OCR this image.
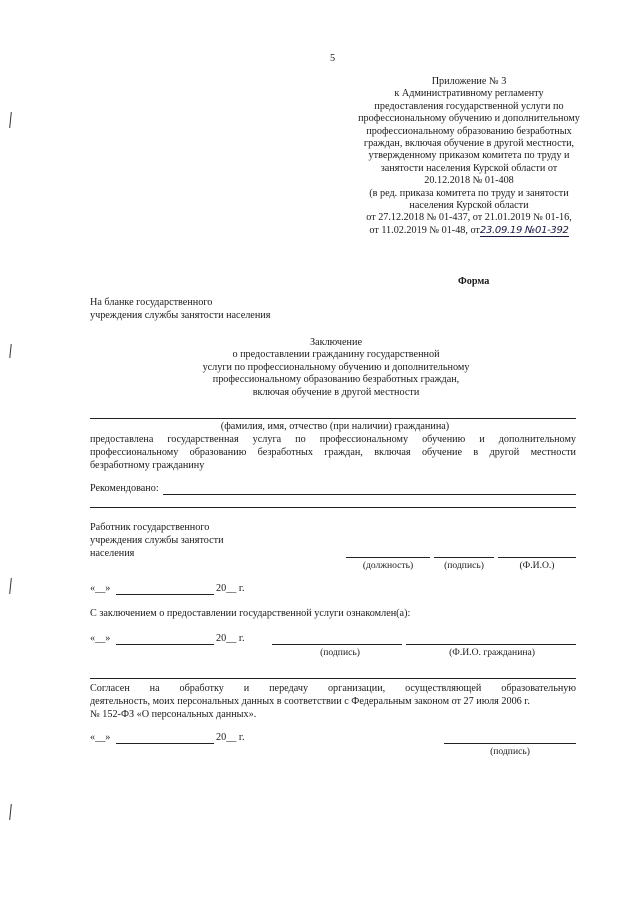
5
Приложение № 3
к Административному регламенту
предоставления государственной услуги по
профессиональному обучению и дополнительному
профессиональному образованию безработных
граждан, включая обучение в другой местности,
утвержденному приказом комитета по труду и
занятости населения Курской области от
20.12.2018 № 01-408
(в ред. приказа комитета по труду и занятости
населения Курской области
от 27.12.2018 № 01-437, от 21.01.2019 № 01-16,
от 11.02.2019 № 01-48, от23.09.19 №01-392
Форма
На бланке государственного
учреждения службы занятости населения
Заключение
о предоставлении гражданину государственной
услуги по профессиональному обучению и дополнительному
профессиональному образованию безработных граждан,
включая обучение в другой местности
(фамилия, имя, отчество (при наличии) гражданина)
предоставлена государственная услуга по профессиональному обучению и дополнительному
профессиональному образованию безработных граждан, включая обучение в другой местности
безработному гражданину
Рекомендовано:
Работник государственного
учреждения службы занятости
населения
(должность)	(подпись)	(Ф.И.О.)
«__»	20__ г.
С заключением о предоставлении государственной услуги ознакомлен(а):
«__»	20__ г.
(подпись)	(Ф.И.О. гражданина)
Согласен на обработку и передачу организации, осуществляющей образовательную
деятельность, моих персональных данных в соответствии с Федеральным законом от 27 июля 2006 г.
№ 152-ФЗ «О персональных данных».
«__»	20__ г.
(подпись)
